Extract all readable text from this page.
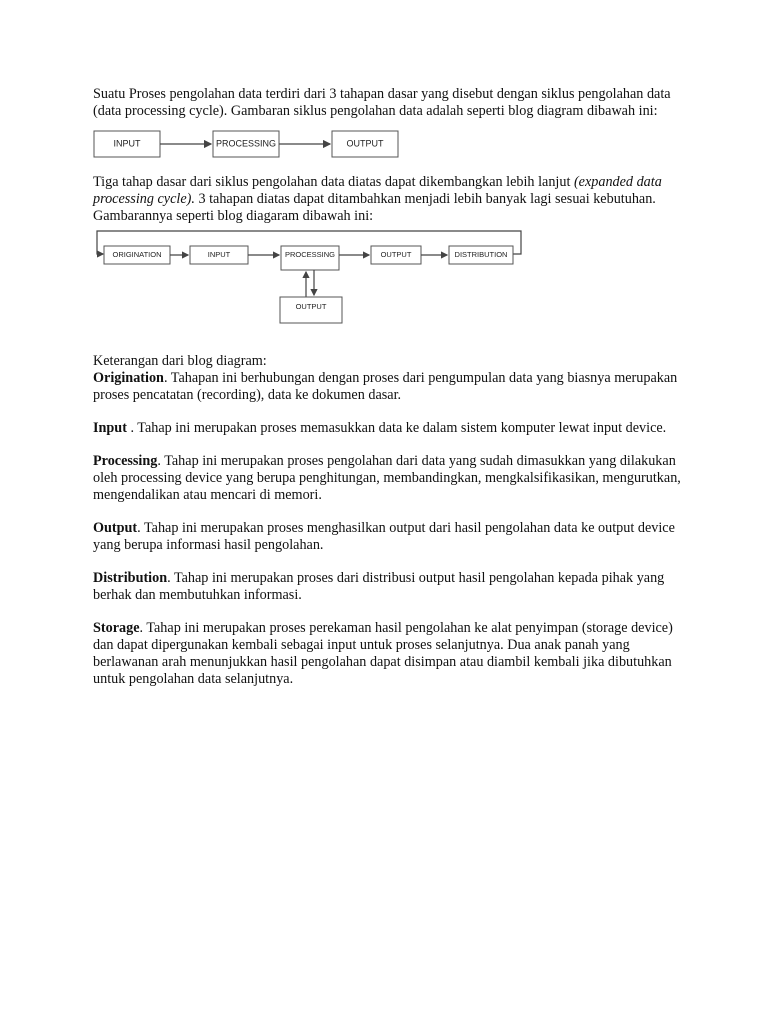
Suatu Proses pengolahan data terdiri dari 3 tahapan dasar yang disebut dengan siklus pengolahan data (data processing cycle). Gambaran siklus pengolahan data adalah seperti blog diagram dibawah ini:

INPUT	PROCESSING	OUTPUT

Tiga tahap dasar dari siklus pengolahan data diatas dapat dikembangkan lebih lanjut (expanded data processing cycle). 3 tahapan diatas dapat ditambahkan menjadi lebih banyak lagi sesuai kebutuhan. Gambarannya seperti blog diagaram dibawah ini:

ORIGINATION	INPUT	PROCESSING	OUTPUT	DISTRIBUTION
OUTPUT

Keterangan dari blog diagram:

Origination. Tahapan ini berhubungan dengan proses dari pengumpulan data yang biasnya merupakan proses pencatatan (recording), data ke dokumen dasar.

Input . Tahap ini merupakan proses memasukkan data ke dalam sistem komputer lewat input device.

Processing. Tahap ini merupakan proses pengolahan dari data yang sudah dimasukkan yang dilakukan oleh processing device yang berupa penghitungan, membandingkan, mengkalsifikasikan, mengurutkan, mengendalikan atau mencari di memori.

Output. Tahap ini merupakan proses menghasilkan output dari hasil pengolahan data ke output device yang berupa informasi hasil pengolahan.

Distribution. Tahap ini merupakan proses dari distribusi output hasil pengolahan kepada pihak yang berhak dan membutuhkan informasi.

Storage. Tahap ini merupakan proses perekaman hasil pengolahan ke alat penyimpan (storage device) dan dapat dipergunakan kembali sebagai input untuk proses selanjutnya. Dua anak panah yang berlawanan arah menunjukkan hasil pengolahan dapat disimpan atau diambil kembali jika dibutuhkan untuk pengolahan data selanjutnya.
